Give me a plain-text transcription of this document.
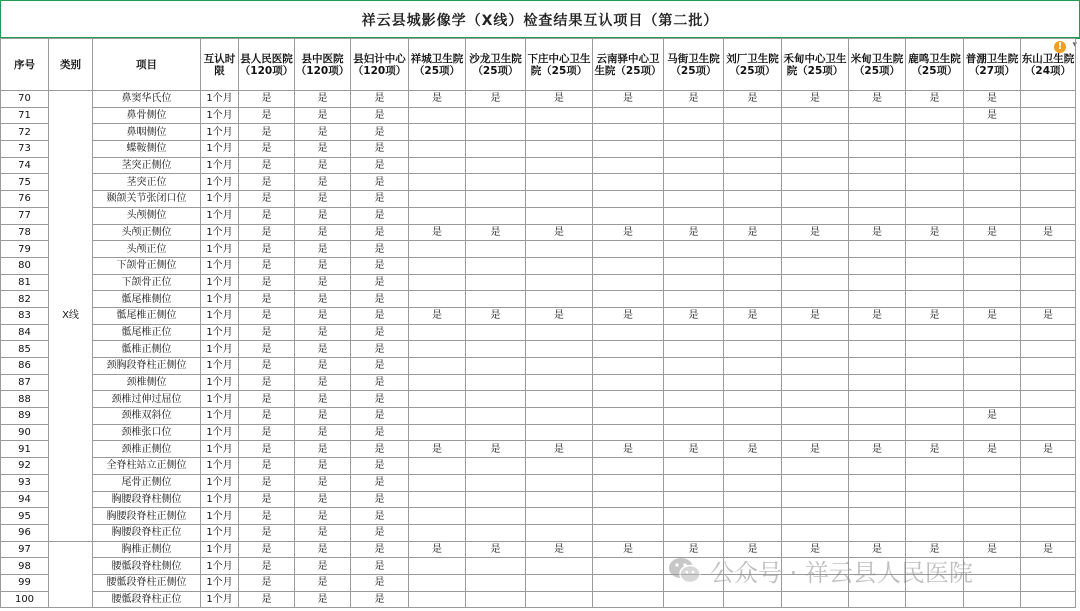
祥云县城影像学（X线）检查结果互认项目（第二批）
!	▾
序号	类别	项目	互认时限	县人民医院（120项）	县中医院（120项）	县妇计中心（120项）	祥城卫生院（25项）	沙龙卫生院（25项）	下庄中心卫生院（25项）	云南驿中心卫生院（25项）	马街卫生院（25项）	刘厂卫生院（25项）	禾甸中心卫生院（25项）	米甸卫生院（25项）	鹿鸣卫生院（25项）	普淜卫生院（27项）	东山卫生院（24项）
70	X线	鼻窦华氏位	1个月	是	是	是	是	是	是	是	是	是	是	是	是	是	
71		鼻骨侧位	1个月	是	是	是										是	
72		鼻咽侧位	1个月	是	是	是											
73		蝶鞍侧位	1个月	是	是	是											
74		茎突正侧位	1个月	是	是	是											
75		茎突正位	1个月	是	是	是											
76		颞颌关节张闭口位	1个月	是	是	是											
77		头颅侧位	1个月	是	是	是											
78		头颅正侧位	1个月	是	是	是	是	是	是	是	是	是	是	是	是	是	是
79		头颅正位	1个月	是	是	是											
80		下颌骨正侧位	1个月	是	是	是											
81		下颌骨正位	1个月	是	是	是											
82		骶尾椎侧位	1个月	是	是	是											
83		骶尾椎正侧位	1个月	是	是	是	是	是	是	是	是	是	是	是	是	是	是
84		骶尾椎正位	1个月	是	是	是											
85		骶椎正侧位	1个月	是	是	是											
86		颈胸段脊柱正侧位	1个月	是	是	是											
87		颈椎侧位	1个月	是	是	是											
88		颈椎过伸过屈位	1个月	是	是	是											
89		颈椎双斜位	1个月	是	是	是										是	
90		颈椎张口位	1个月	是	是	是											
91		颈椎正侧位	1个月	是	是	是	是	是	是	是	是	是	是	是	是	是	是
92		全脊柱站立正侧位	1个月	是	是	是											
93		尾骨正侧位	1个月	是	是	是											
94		胸腰段脊柱侧位	1个月	是	是	是											
95		胸腰段脊柱正侧位	1个月	是	是	是											
96		胸腰段脊柱正位	1个月	是	是	是											
97		胸椎正侧位	1个月	是	是	是	是	是	是	是	是	是	是	是	是	是	是
98		腰骶段脊柱侧位	1个月	是	是	是											
99		腰骶段脊柱正侧位	1个月	是	是	是											
100		腰骶段脊柱正位	1个月	是	是	是											
公众号 · 祥云县人民医院
